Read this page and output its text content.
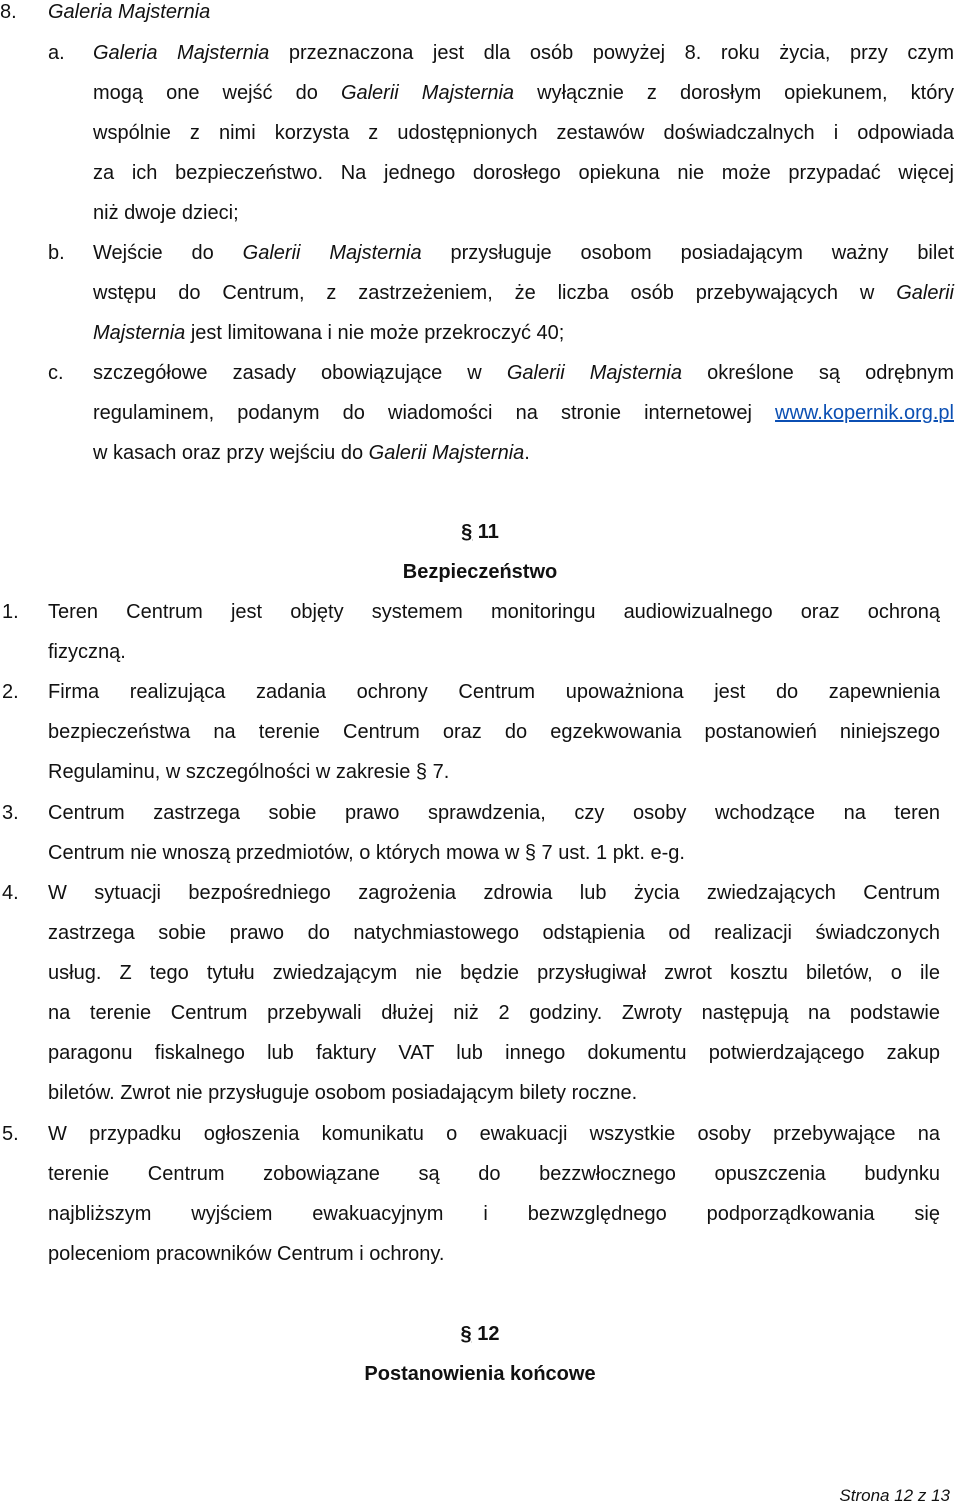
8. Galeria Majsternia
a. Galeria Majsternia przeznaczona jest dla osób powyżej 8. roku życia, przy czym
mogą one wejść do Galerii Majsternia wyłącznie z dorosłym opiekunem, który
wspólnie z nimi korzysta z udostępnionych zestawów doświadczalnych i odpowiada
za ich bezpieczeństwo. Na jednego dorosłego opiekuna nie może przypadać więcej
niż dwoje dzieci;
b. Wejście do Galerii Majsternia przysługuje osobom posiadającym ważny bilet
wstępu do Centrum, z zastrzeżeniem, że liczba osób przebywających w Galerii
Majsternia jest limitowana i nie może przekroczyć 40;
c. szczegółowe zasady obowiązujące w Galerii Majsternia określone są odrębnym
regulaminem, podanym do wiadomości na stronie internetowej www.kopernik.org.pl
w kasach oraz przy wejściu do Galerii Majsternia.
§ 11
Bezpieczeństwo
1. Teren Centrum jest objęty systemem monitoringu audiowizualnego oraz ochroną
fizyczną.
2. Firma realizująca zadania ochrony Centrum upoważniona jest do zapewnienia
bezpieczeństwa na terenie Centrum oraz do egzekwowania postanowień niniejszego
Regulaminu, w szczególności w zakresie § 7.
3. Centrum zastrzega sobie prawo sprawdzenia, czy osoby wchodzące na teren
Centrum nie wnoszą przedmiotów, o których mowa w § 7 ust. 1 pkt. e-g.
4. W sytuacji bezpośredniego zagrożenia zdrowia lub życia zwiedzających Centrum
zastrzega sobie prawo do natychmiastowego odstąpienia od realizacji świadczonych
usług. Z tego tytułu zwiedzającym nie będzie przysługiwał zwrot kosztu biletów, o ile
na terenie Centrum przebywali dłużej niż 2 godziny. Zwroty następują na podstawie
paragonu fiskalnego lub faktury VAT lub innego dokumentu potwierdzającego zakup
biletów. Zwrot nie przysługuje osobom posiadającym bilety roczne.
5. W przypadku ogłoszenia komunikatu o ewakuacji wszystkie osoby przebywające na
terenie Centrum zobowiązane są do bezzwłocznego opuszczenia budynku
najbliższym wyjściem ewakuacyjnym i bezwzględnego podporządkowania się
poleceniom pracowników Centrum i ochrony.
§ 12
Postanowienia końcowe
Strona 12 z 13
